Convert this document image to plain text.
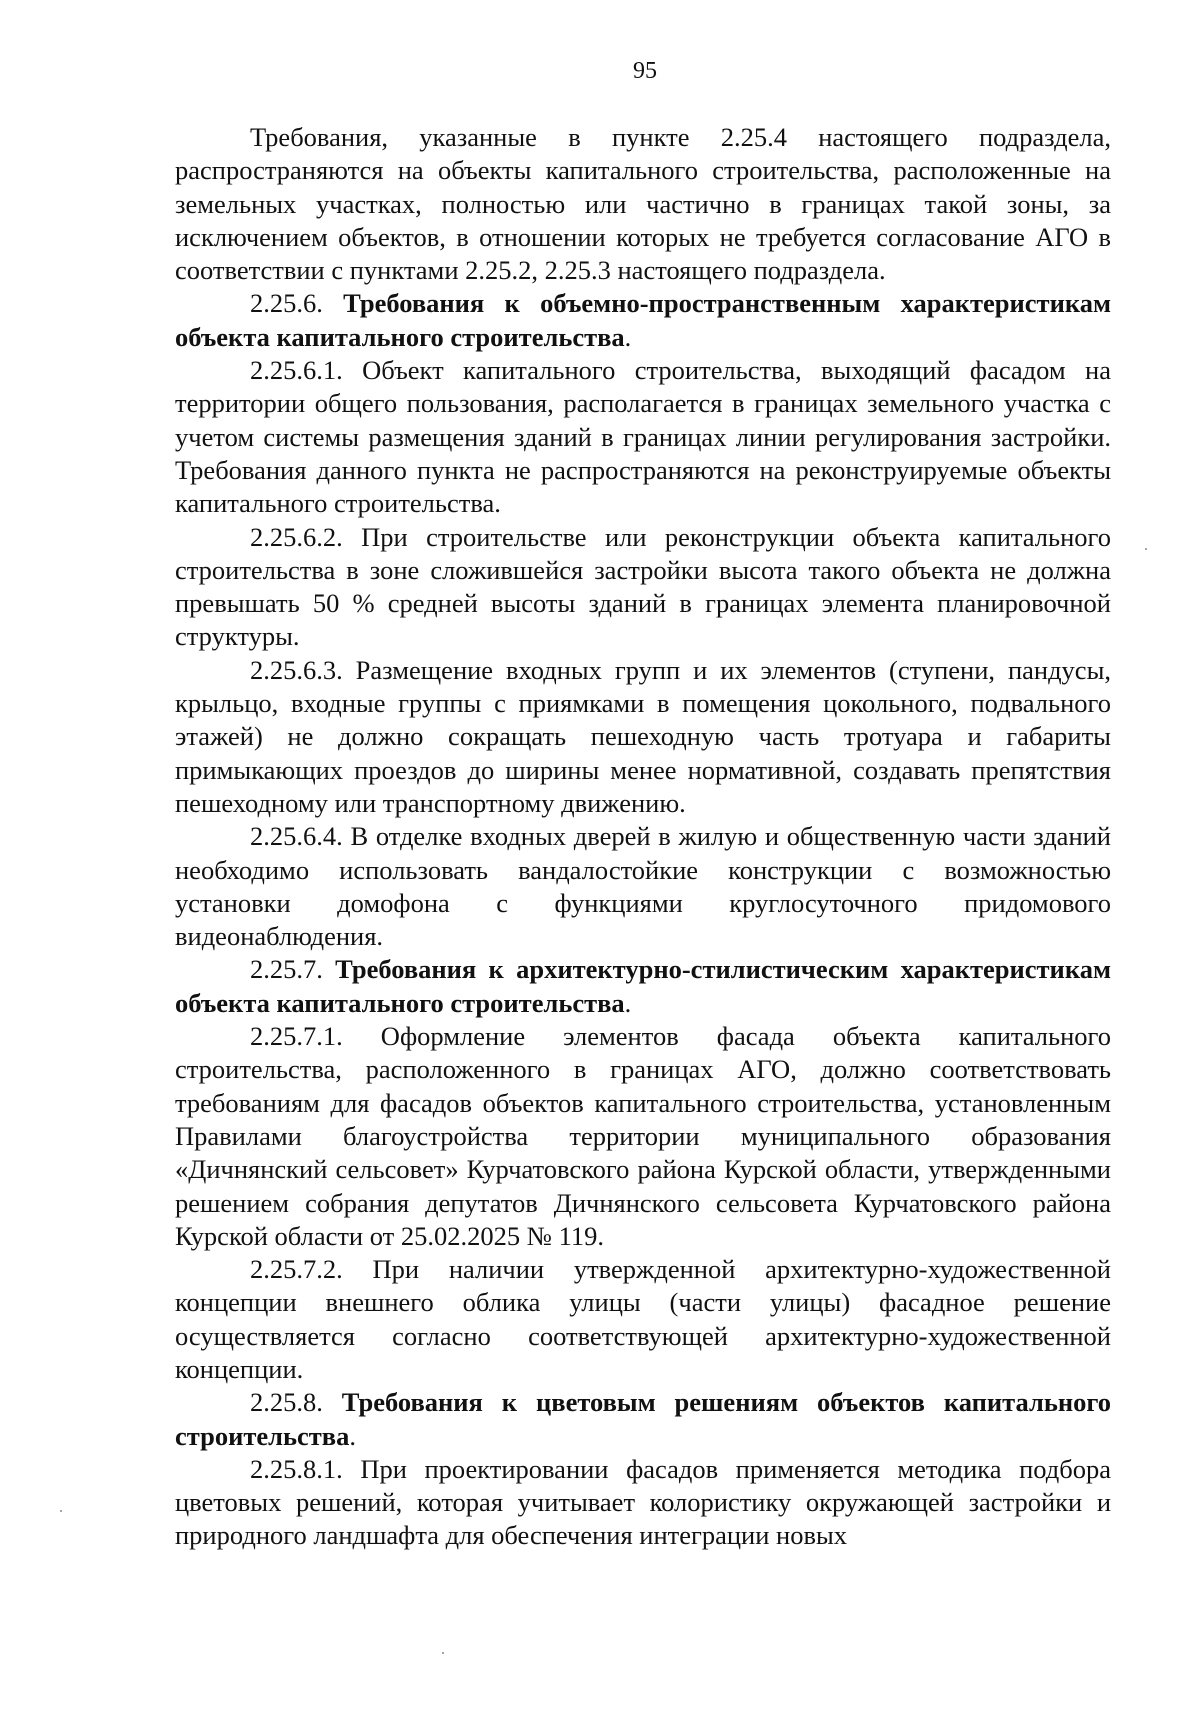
95

Требования, указанные в пункте 2.25.4 настоящего подраздела, распространяются на объекты капитального строительства, расположенные на земельных участках, полностью или частично в границах такой зоны, за исключением объектов, в отношении которых не требуется согласование АГО в соответствии с пунктами 2.25.2, 2.25.3 настоящего подраздела.

2.25.6. Требования к объемно-пространственным характеристикам объекта капитального строительства.

2.25.6.1. Объект капитального строительства, выходящий фасадом на территории общего пользования, располагается в границах земельного участка с учетом системы размещения зданий в границах линии регулирования застройки. Требования данного пункта не распространяются на реконструируемые объекты капитального строительства.

2.25.6.2. При строительстве или реконструкции объекта капитального строительства в зоне сложившейся застройки высота такого объекта не должна превышать 50 % средней высоты зданий в границах элемента планировочной структуры.

2.25.6.3. Размещение входных групп и их элементов (ступени, пандусы, крыльцо, входные группы с приямками в помещения цокольного, подвального этажей) не должно сокращать пешеходную часть тротуара и габариты примыкающих проездов до ширины менее нормативной, создавать препятствия пешеходному или транспортному движению.

2.25.6.4. В отделке входных дверей в жилую и общественную части зданий необходимо использовать вандалостойкие конструкции с возможностью установки домофона с функциями круглосуточного придомового видеонаблюдения.

2.25.7. Требования к архитектурно-стилистическим характеристикам объекта капитального строительства.

2.25.7.1. Оформление элементов фасада объекта капитального строительства, расположенного в границах АГО, должно соответствовать требованиям для фасадов объектов капитального строительства, установленным Правилами благоустройства территории муниципального образования «Дичнянский сельсовет» Курчатовского района Курской области, утвержденными решением собрания депутатов Дичнянского сельсовета Курчатовского района Курской области от 25.02.2025 № 119.

2.25.7.2. При наличии утвержденной архитектурно-художественной концепции внешнего облика улицы (части улицы) фасадное решение осуществляется согласно соответствующей архитектурно-художественной концепции.

2.25.8. Требования к цветовым решениям объектов капитального строительства.

2.25.8.1. При проектировании фасадов применяется методика подбора цветовых решений, которая учитывает колористику окружающей застройки и природного ландшафта для обеспечения интеграции новых
